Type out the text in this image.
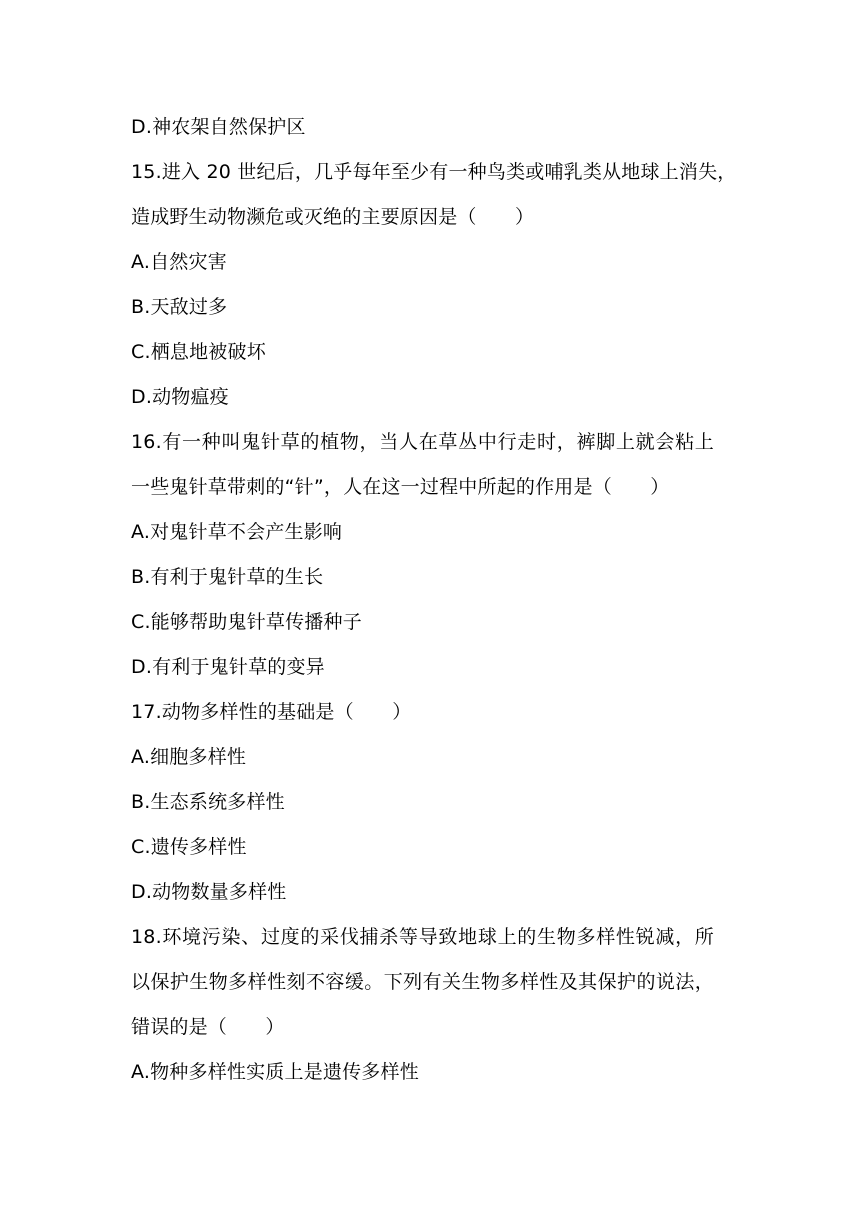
D.神农架自然保护区
15.进入 20 世纪后，几乎每年至少有一种鸟类或哺乳类从地球上消失，
造成野生动物濒危或灭绝的主要原因是（　　）
A.自然灾害
B.天敌过多
C.栖息地被破坏
D.动物瘟疫
16.有一种叫鬼针草的植物，当人在草丛中行走时，裤脚上就会粘上
一些鬼针草带刺的“针”，人在这一过程中所起的作用是（　　）
A.对鬼针草不会产生影响
B.有利于鬼针草的生长
C.能够帮助鬼针草传播种子
D.有利于鬼针草的变异
17.动物多样性的基础是（　　）
A.细胞多样性
B.生态系统多样性
C.遗传多样性
D.动物数量多样性
18.环境污染、过度的采伐捕杀等导致地球上的生物多样性锐减，所
以保护生物多样性刻不容缓。下列有关生物多样性及其保护的说法，
错误的是（　　）
A.物种多样性实质上是遗传多样性
